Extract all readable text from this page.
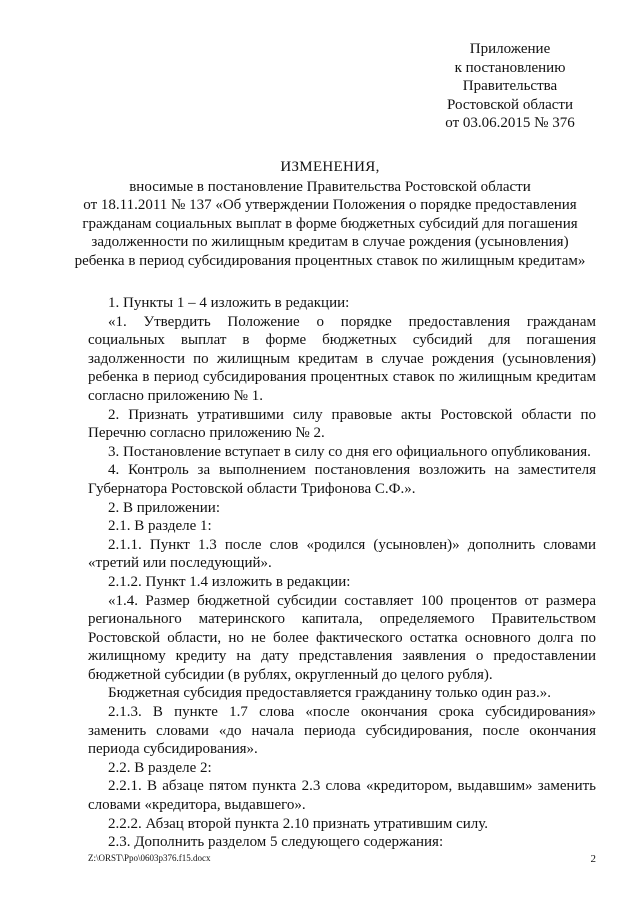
Приложение
к постановлению
Правительства
Ростовской области
от 03.06.2015 № 376
ИЗМЕНЕНИЯ,
вносимые в постановление Правительства Ростовской области
от 18.11.2011 № 137 «Об утверждении Положения о порядке предоставления
гражданам социальных выплат в форме бюджетных субсидий для погашения
задолженности по жилищным кредитам в случае рождения (усыновления)
ребенка в период субсидирования процентных ставок по жилищным кредитам»

1. Пункты 1 – 4 изложить в редакции:

«1. Утвердить Положение о порядке предоставления гражданам социальных выплат в форме бюджетных субсидий для погашения задолженности по жилищным кредитам в случае рождения (усыновления) ребенка в период субсидирования процентных ставок по жилищным кредитам согласно приложению № 1.

2. Признать утратившими силу правовые акты Ростовской области по Перечню согласно приложению № 2.

3. Постановление вступает в силу со дня его официального опубликования.

4. Контроль за выполнением постановления возложить на заместителя Губернатора Ростовской области Трифонова С.Ф.».

2. В приложении:

2.1. В разделе 1:

2.1.1. Пункт 1.3 после слов «родился (усыновлен)» дополнить словами «третий или последующий».

2.1.2. Пункт 1.4 изложить в редакции:

«1.4. Размер бюджетной субсидии составляет 100 процентов от размера регионального материнского капитала, определяемого Правительством Ростовской области, но не более фактического остатка основного долга по жилищному кредиту на дату представления заявления о предоставлении бюджетной субсидии (в рублях, округленный до целого рубля).

Бюджетная субсидия предоставляется гражданину только один раз.».

2.1.3. В пункте 1.7 слова «после окончания срока субсидирования» заменить словами «до начала периода субсидирования, после окончания периода субсидирования».

2.2. В разделе 2:

2.2.1. В абзаце пятом пункта 2.3 слова «кредитором, выдавшим» заменить словами «кредитора, выдавшего».

2.2.2. Абзац второй пункта 2.10 признать утратившим силу.

2.3. Дополнить разделом 5 следующего содержания:

Z:\ORST\Ppo\0603p376.f15.docx	2
